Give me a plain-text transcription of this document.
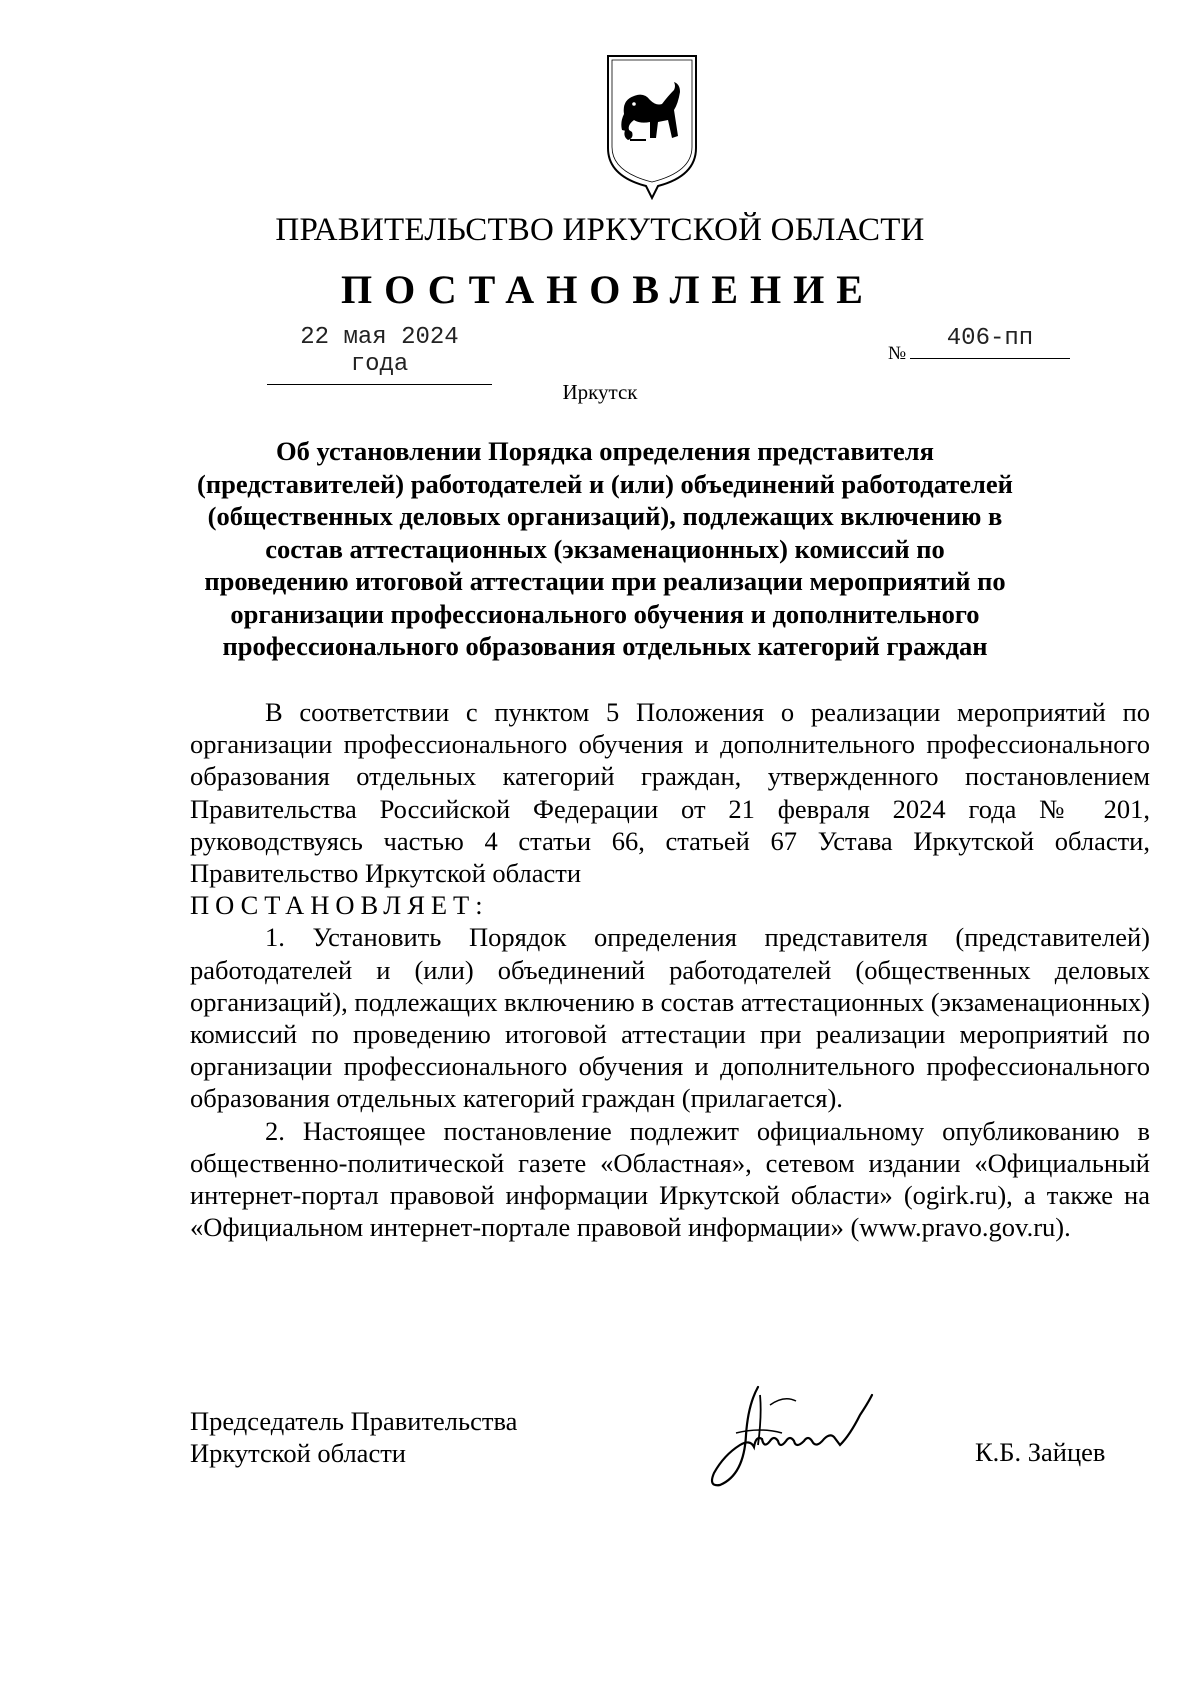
ПРАВИТЕЛЬСТВО ИРКУТСКОЙ ОБЛАСТИ
ПОСТАНОВЛЕНИЕ
22 мая 2024 года	№
406-пп
Иркутск
Об установлении Порядка определения представителя (представителей) работодателей и (или) объединений работодателей (общественных деловых организаций), подлежащих включению в состав аттестационных (экзаменационных) комиссий по проведению итоговой аттестации при реализации мероприятий по организации профессионального обучения и дополнительного профессионального образования отдельных категорий граждан

В соответствии с пунктом 5 Положения о реализации мероприятий по организации профессионального обучения и дополнительного профессионального образования отдельных категорий граждан, утвержденного постановлением Правительства Российской Федерации от 21 февраля 2024 года № 201, руководствуясь частью 4 статьи 66, статьей 67 Устава Иркутской области, Правительство Иркутской области

ПОСТАНОВЛЯЕТ:

1. Установить Порядок определения представителя (представителей) работодателей и (или) объединений работодателей (общественных деловых организаций), подлежащих включению в состав аттестационных (экзаменационных) комиссий по проведению итоговой аттестации при реализации мероприятий по организации профессионального обучения и дополнительного профессионального образования отдельных категорий граждан (прилагается).

2. Настоящее постановление подлежит официальному опубликованию в общественно-политической газете «Областная», сетевом издании «Официальный интернет-портал правовой информации Иркутской области» (ogirk.ru), а также на «Официальном интернет-портале правовой информации» (www.pravo.gov.ru).

Председатель Правительства
Иркутской области	К.Б. Зайцев
